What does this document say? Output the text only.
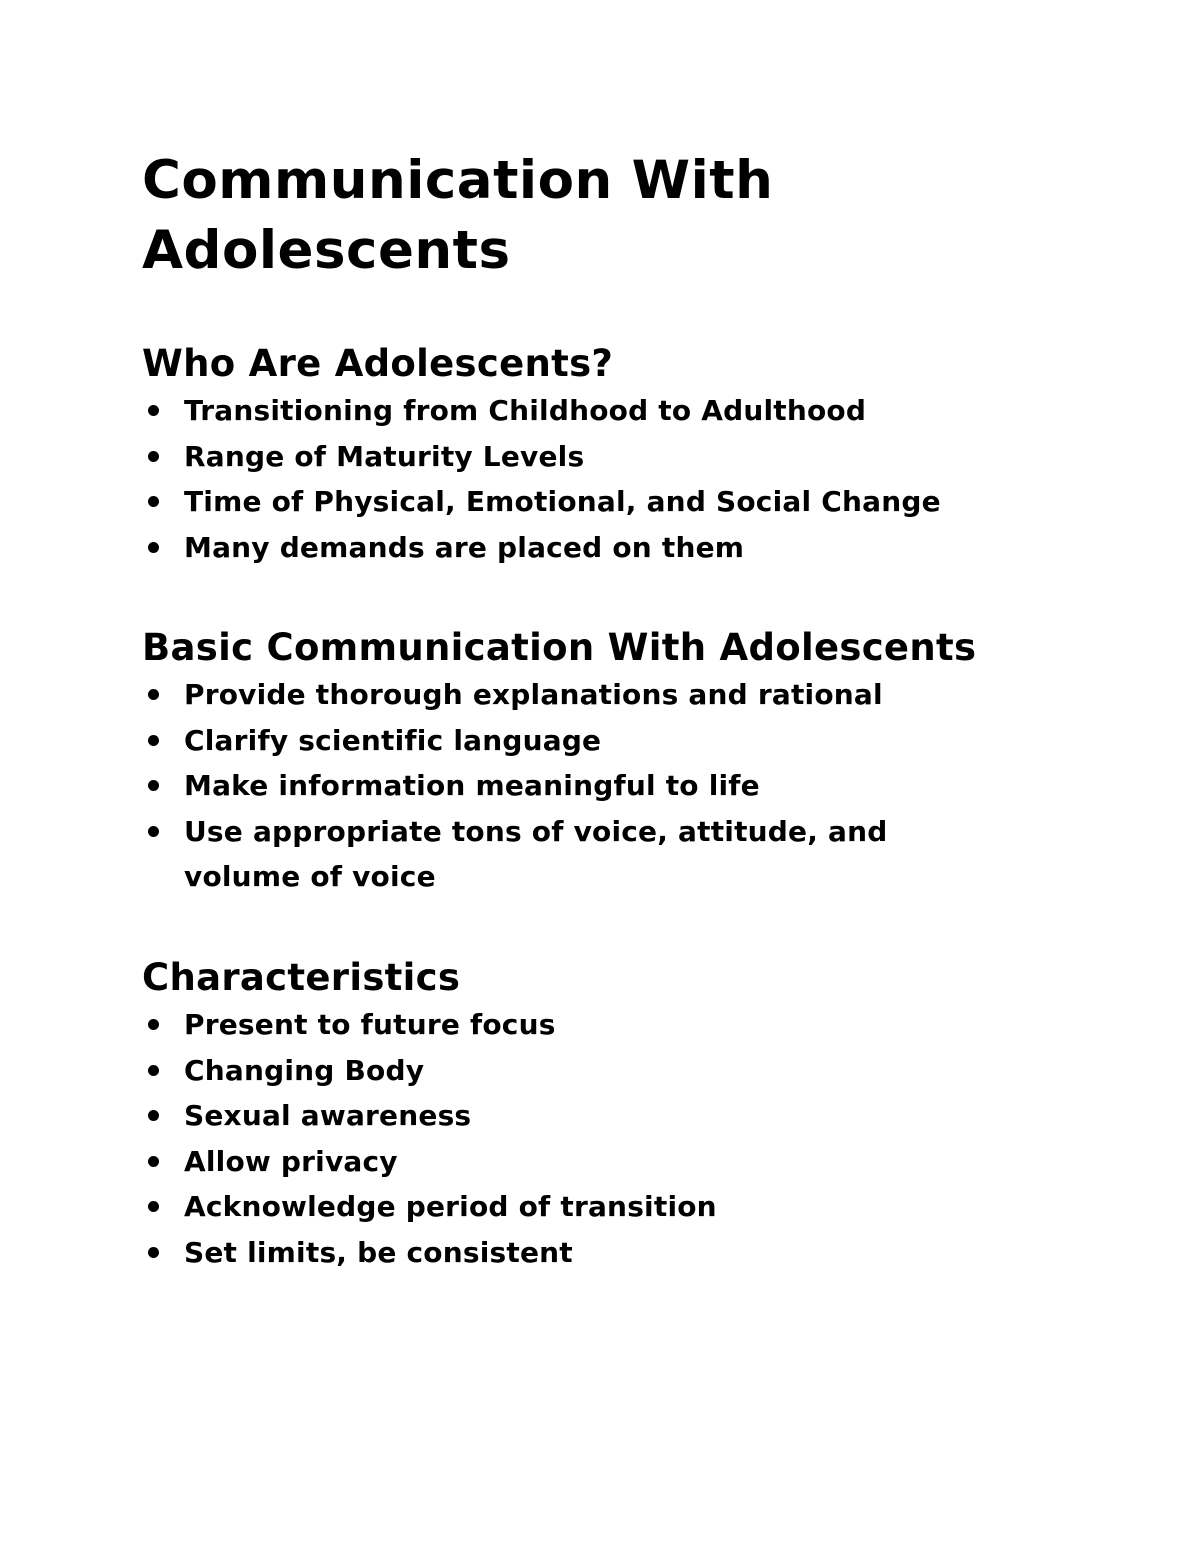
Communication With Adolescents
Who Are Adolescents?
Transitioning from Childhood to Adulthood
Range of Maturity Levels
Time of Physical, Emotional, and Social Change
Many demands are placed on them
Basic Communication With Adolescents
Provide thorough explanations and rational
Clarify scientific language
Make information meaningful to life
Use appropriate tons of voice, attitude, and volume of voice
Characteristics
Present to future focus
Changing Body
Sexual awareness
Allow privacy
Acknowledge period of transition
Set limits, be consistent
